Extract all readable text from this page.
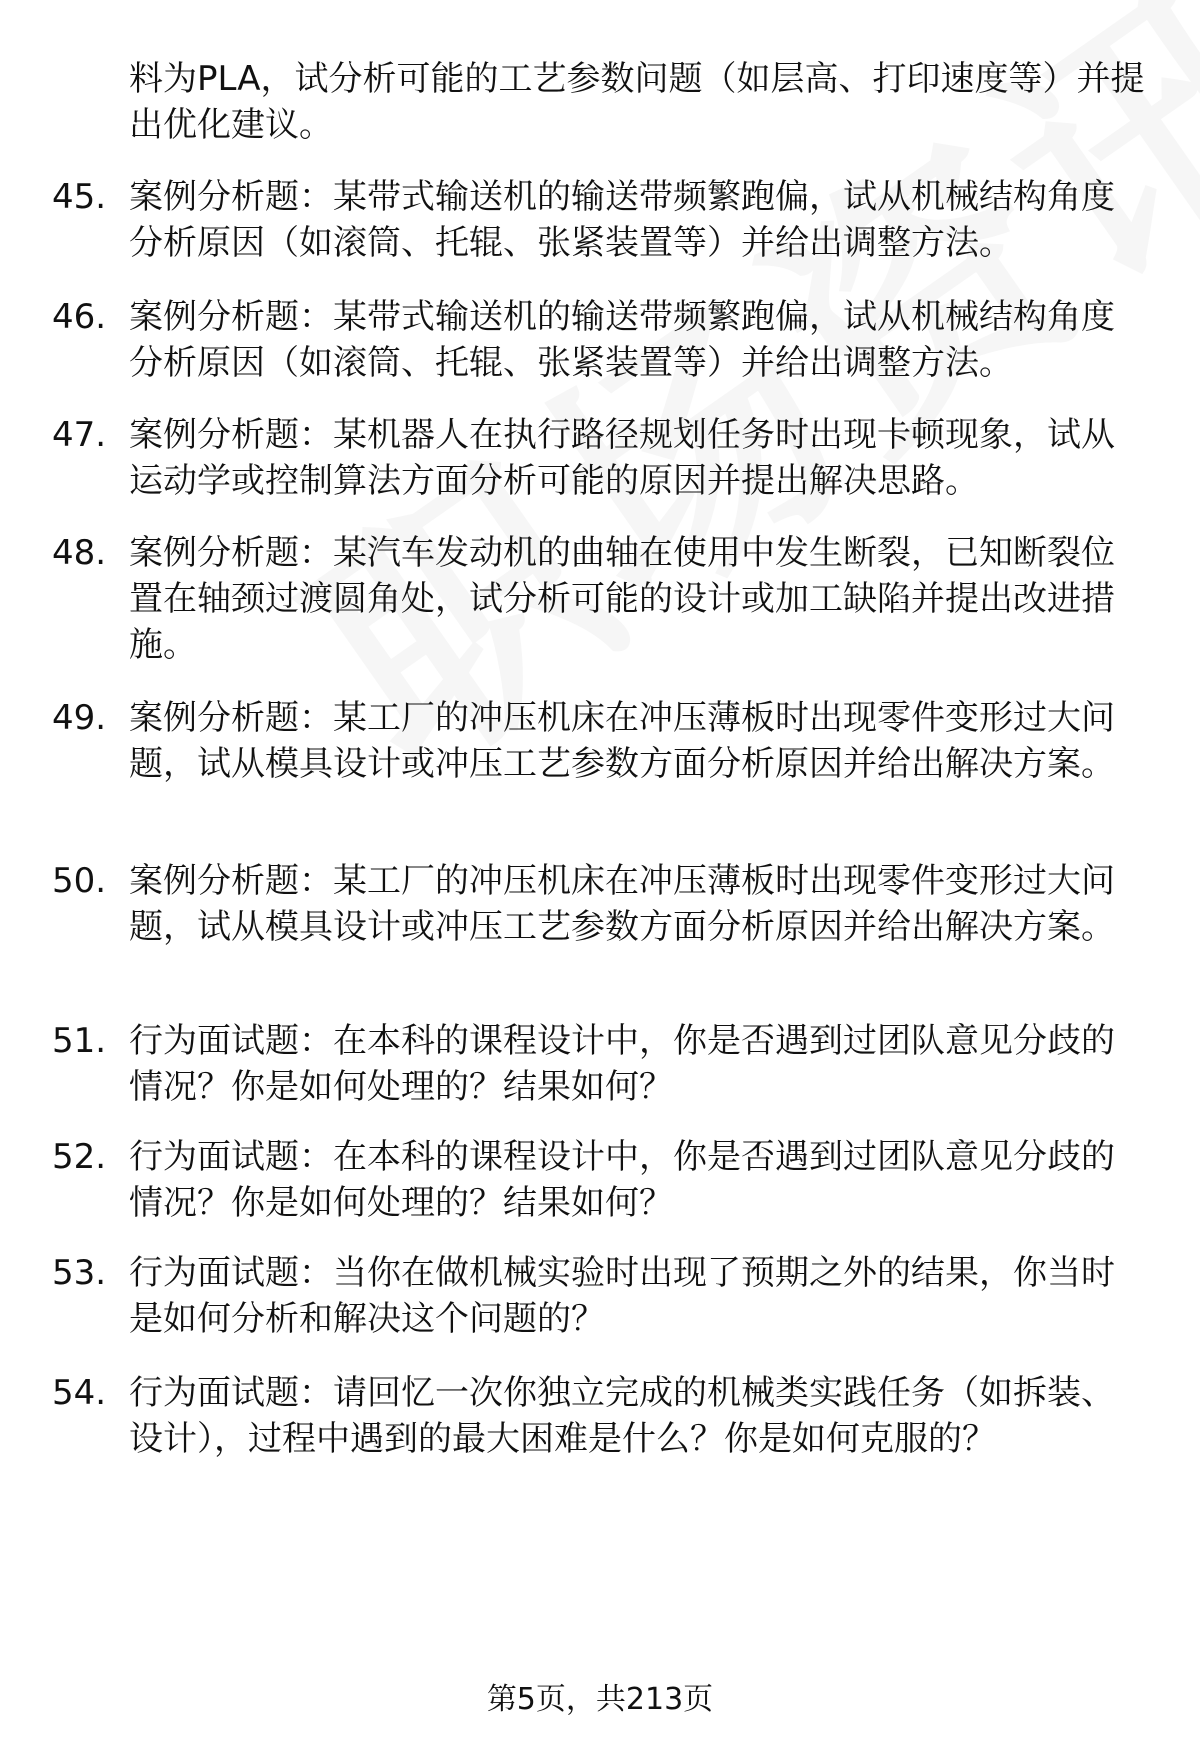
料为PLA，试分析可能的工艺参数问题（如层高、打印速度等）并提出优化建议。
45. 案例分析题：某带式输送机的输送带频繁跑偏，试从机械结构角度分析原因（如滚筒、托辊、张紧装置等）并给出调整方法。
46. 案例分析题：某带式输送机的输送带频繁跑偏，试从机械结构角度分析原因（如滚筒、托辊、张紧装置等）并给出调整方法。
47. 案例分析题：某机器人在执行路径规划任务时出现卡顿现象，试从运动学或控制算法方面分析可能的原因并提出解决思路。
48. 案例分析题：某汽车发动机的曲轴在使用中发生断裂，已知断裂位置在轴颈过渡圆角处，试分析可能的设计或加工缺陷并提出改进措施。
49. 案例分析题：某工厂的冲压机床在冲压薄板时出现零件变形过大问题，试从模具设计或冲压工艺参数方面分析原因并给出解决方案。
50. 案例分析题：某工厂的冲压机床在冲压薄板时出现零件变形过大问题，试从模具设计或冲压工艺参数方面分析原因并给出解决方案。
51. 行为面试题：在本科的课程设计中，你是否遇到过团队意见分歧的情况？你是如何处理的？结果如何？
52. 行为面试题：在本科的课程设计中，你是否遇到过团队意见分歧的情况？你是如何处理的？结果如何？
53. 行为面试题：当你在做机械实验时出现了预期之外的结果，你当时是如何分析和解决这个问题的？
54. 行为面试题：请回忆一次你独立完成的机械类实践任务（如拆装、设计），过程中遇到的最大困难是什么？你是如何克服的？
第5页，共213页
